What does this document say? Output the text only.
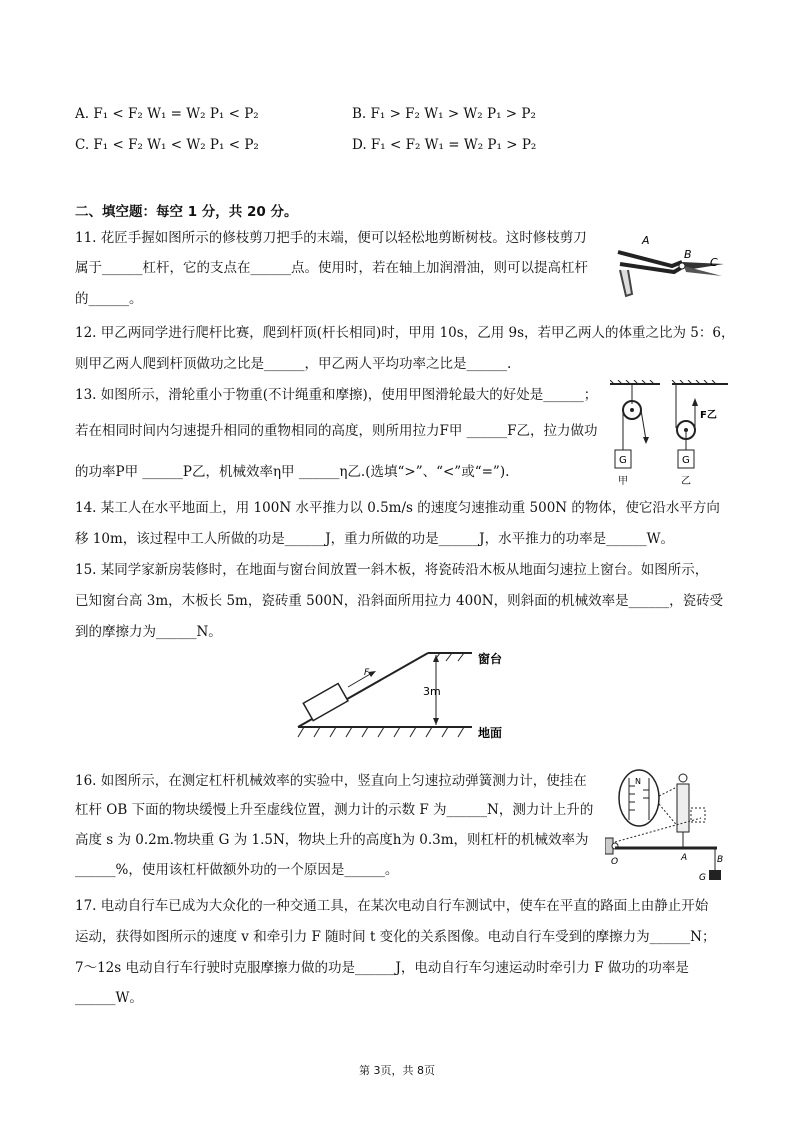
A. F₁ < F₂ W₁ = W₂ P₁ < P₂	B. F₁ > F₂ W₁ > W₂ P₁ > P₂
C. F₁ < F₂ W₁ < W₂ P₁ < P₂	D. F₁ < F₂ W₁ = W₂ P₁ > P₂
二、填空题：每空 1 分，共 20 分。
11. 花匠手握如图所示的修枝剪刀把手的末端，便可以轻松地剪断树枝。这时修枝剪刀
属于______杠杆，它的支点在______点。使用时，若在轴上加润滑油，则可以提高杠杆
的______。
A
B
C
12. 甲乙两同学进行爬杆比赛，爬到杆顶(杆长相同)时，甲用 10s，乙用 9s，若甲乙两人的体重之比为 5：6，
则甲乙两人爬到杆顶做功之比是______，甲乙两人平均功率之比是______.
13. 如图所示，滑轮重小于物重(不计绳重和摩擦)，使用甲图滑轮最大的好处是______；
若在相同时间内匀速提升相同的重物相同的高度，则所用拉力F甲 ______F乙，拉力做功
的功率P甲 ______P乙，机械效率η甲 ______η乙.(选填“>”、“<”或“=”).
G
甲
G
乙
F乙
14. 某工人在水平地面上，用 100N 水平推力以 0.5m/s 的速度匀速推动重 500N 的物体，使它沿水平方向
移 10m，该过程中工人所做的功是______J，重力所做的功是______J，水平推力的功率是______W。
15. 某同学家新房装修时，在地面与窗台间放置一斜木板，将瓷砖沿木板从地面匀速拉上窗台。如图所示，
已知窗台高 3m，木板长 5m，瓷砖重 500N，沿斜面所用拉力 400N，则斜面的机械效率是______，瓷砖受
到的摩擦力为______N。
F
3m
窗台
地面
16. 如图所示，在测定杠杆机械效率的实验中，竖直向上匀速拉动弹簧测力计，使挂在
杠杆 OB 下面的物块缓慢上升至虚线位置，测力计的示数 F 为______N，测力计上升的
高度 s 为 0.2m.物块重 G 为 1.5N，物块上升的高度h为 0.3m，则杠杆的机械效率为
______%，使用该杠杆做额外功的一个原因是______。
N
O	A	B
G
17. 电动自行车已成为大众化的一种交通工具，在某次电动自行车测试中，使车在平直的路面上由静止开始
运动，获得如图所示的速度 v 和牵引力 F 随时间 t 变化的关系图像。电动自行车受到的摩擦力为______N；
7～12s 电动自行车行驶时克服摩擦力做的功是______J，电动自行车匀速运动时牵引力 F 做功的功率是
______W。
第 3页，共 8页
